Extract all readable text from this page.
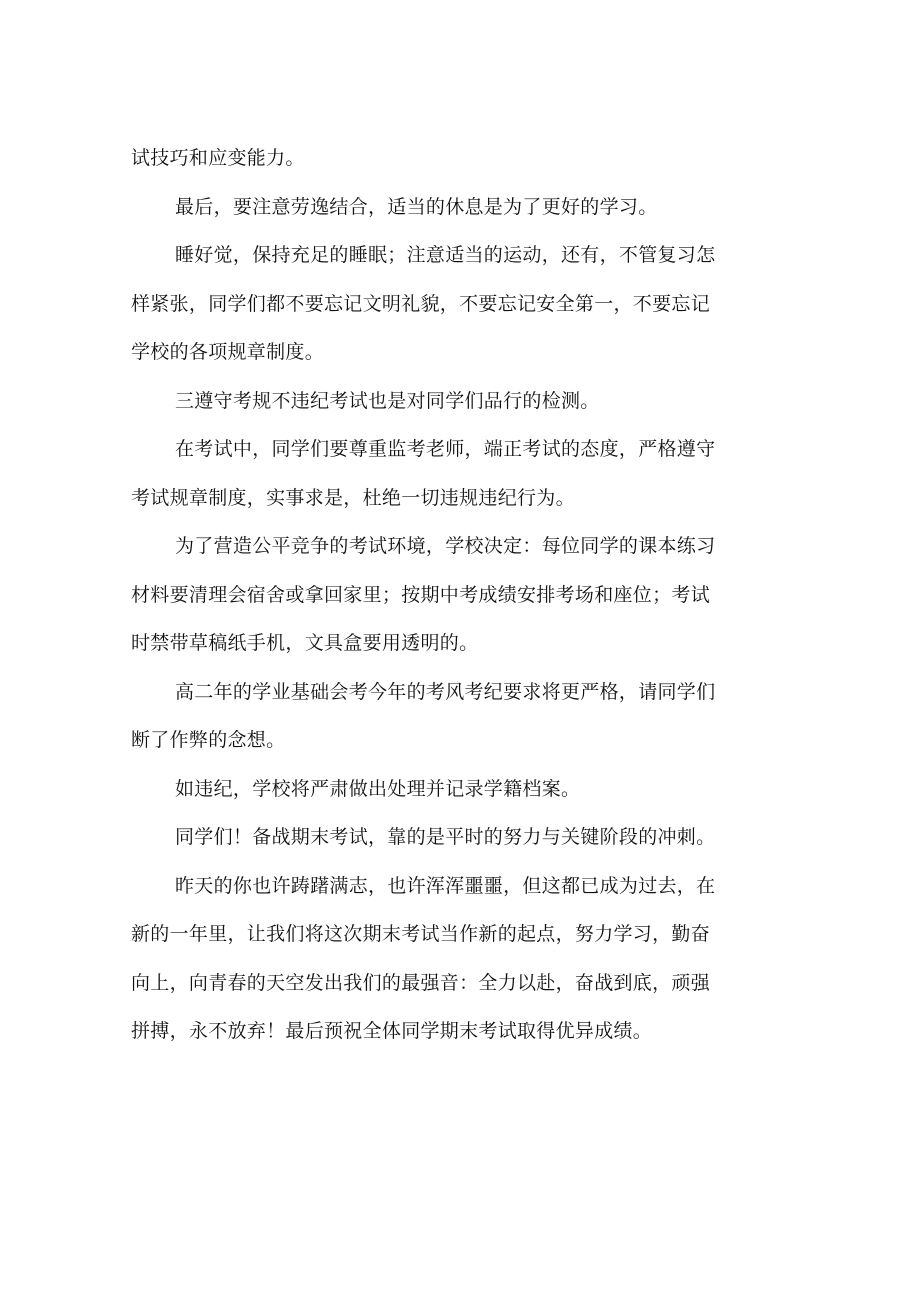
试技巧和应变能力。
最后，要注意劳逸结合，适当的休息是为了更好的学习。
睡好觉，保持充足的睡眠；注意适当的运动，还有，不管复习怎
样紧张，同学们都不要忘记文明礼貌，不要忘记安全第一，不要忘记
学校的各项规章制度。
三遵守考规不违纪考试也是对同学们品行的检测。
在考试中，同学们要尊重监考老师，端正考试的态度，严格遵守
考试规章制度，实事求是，杜绝一切违规违纪行为。
为了营造公平竞争的考试环境，学校决定：每位同学的课本练习
材料要清理会宿舍或拿回家里；按期中考成绩安排考场和座位；考试
时禁带草稿纸手机，文具盒要用透明的。
高二年的学业基础会考今年的考风考纪要求将更严格，请同学们
断了作弊的念想。
如违纪，学校将严肃做出处理并记录学籍档案。
同学们！备战期末考试，靠的是平时的努力与关键阶段的冲刺。
昨天的你也许踌躇满志，也许浑浑噩噩，但这都已成为过去，在
新的一年里，让我们将这次期末考试当作新的起点，努力学习，勤奋
向上，向青春的天空发出我们的最强音：全力以赴，奋战到底，顽强
拼搏，永不放弃！最后预祝全体同学期末考试取得优异成绩。
